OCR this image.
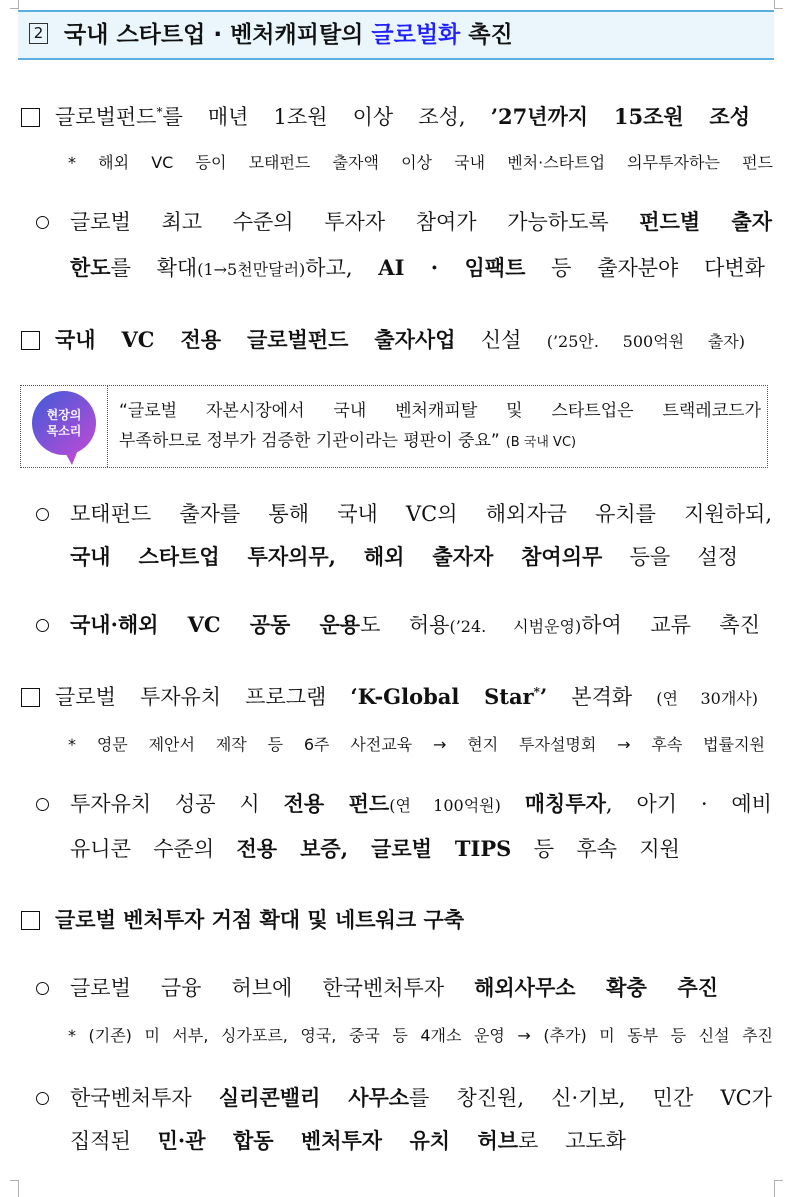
2 국내 스타트업 · 벤처캐피탈의 글로벌화 촉진
글로벌펀드*를 매년 1조원 이상 조성, ’27년까지 15조원 조성
* 해외 VC 등이 모태펀드 출자액 이상 국내 벤처·스타트업 의무투자하는 펀드
글로벌 최고 수준의 투자자 참여가 가능하도록 펀드별 출자
한도를 확대(1→5천만달러)하고, AI · 임팩트 등 출자분야 다변화
국내 VC 전용 글로벌펀드 출자사업 신설 (’25안. 500억원 출자)
현장의
목소리
“글로벌 자본시장에서 국내 벤처캐피탈 및 스타트업은 트랙레코드가
부족하므로 정부가 검증한 기관이라는 평판이 중요” (B 국내 VC)
모태펀드 출자를 통해 국내 VC의 해외자금 유치를 지원하되,
국내 스타트업 투자의무, 해외 출자자 참여의무 등을 설정
국내·해외 VC 공동 운용도 허용(’24. 시범운영)하여 교류 촉진
글로벌 투자유치 프로그램 ‘K-Global Star*’ 본격화 (연 30개사)
* 영문 제안서 제작 등 6주 사전교육 → 현지 투자설명회 → 후속 법률지원
투자유치 성공 시 전용 펀드(연 100억원) 매칭투자, 아기 · 예비
유니콘 수준의 전용 보증, 글로벌 TIPS 등 후속 지원
글로벌 벤처투자 거점 확대 및 네트워크 구축
글로벌 금융 허브에 한국벤처투자 해외사무소 확충 추진
* (기존) 미 서부, 싱가포르, 영국, 중국 등 4개소 운영 → (추가) 미 동부 등 신설 추진
한국벤처투자 실리콘밸리 사무소를 창진원, 신·기보, 민간 VC가
집적된 민·관 합동 벤처투자 유치 허브로 고도화
